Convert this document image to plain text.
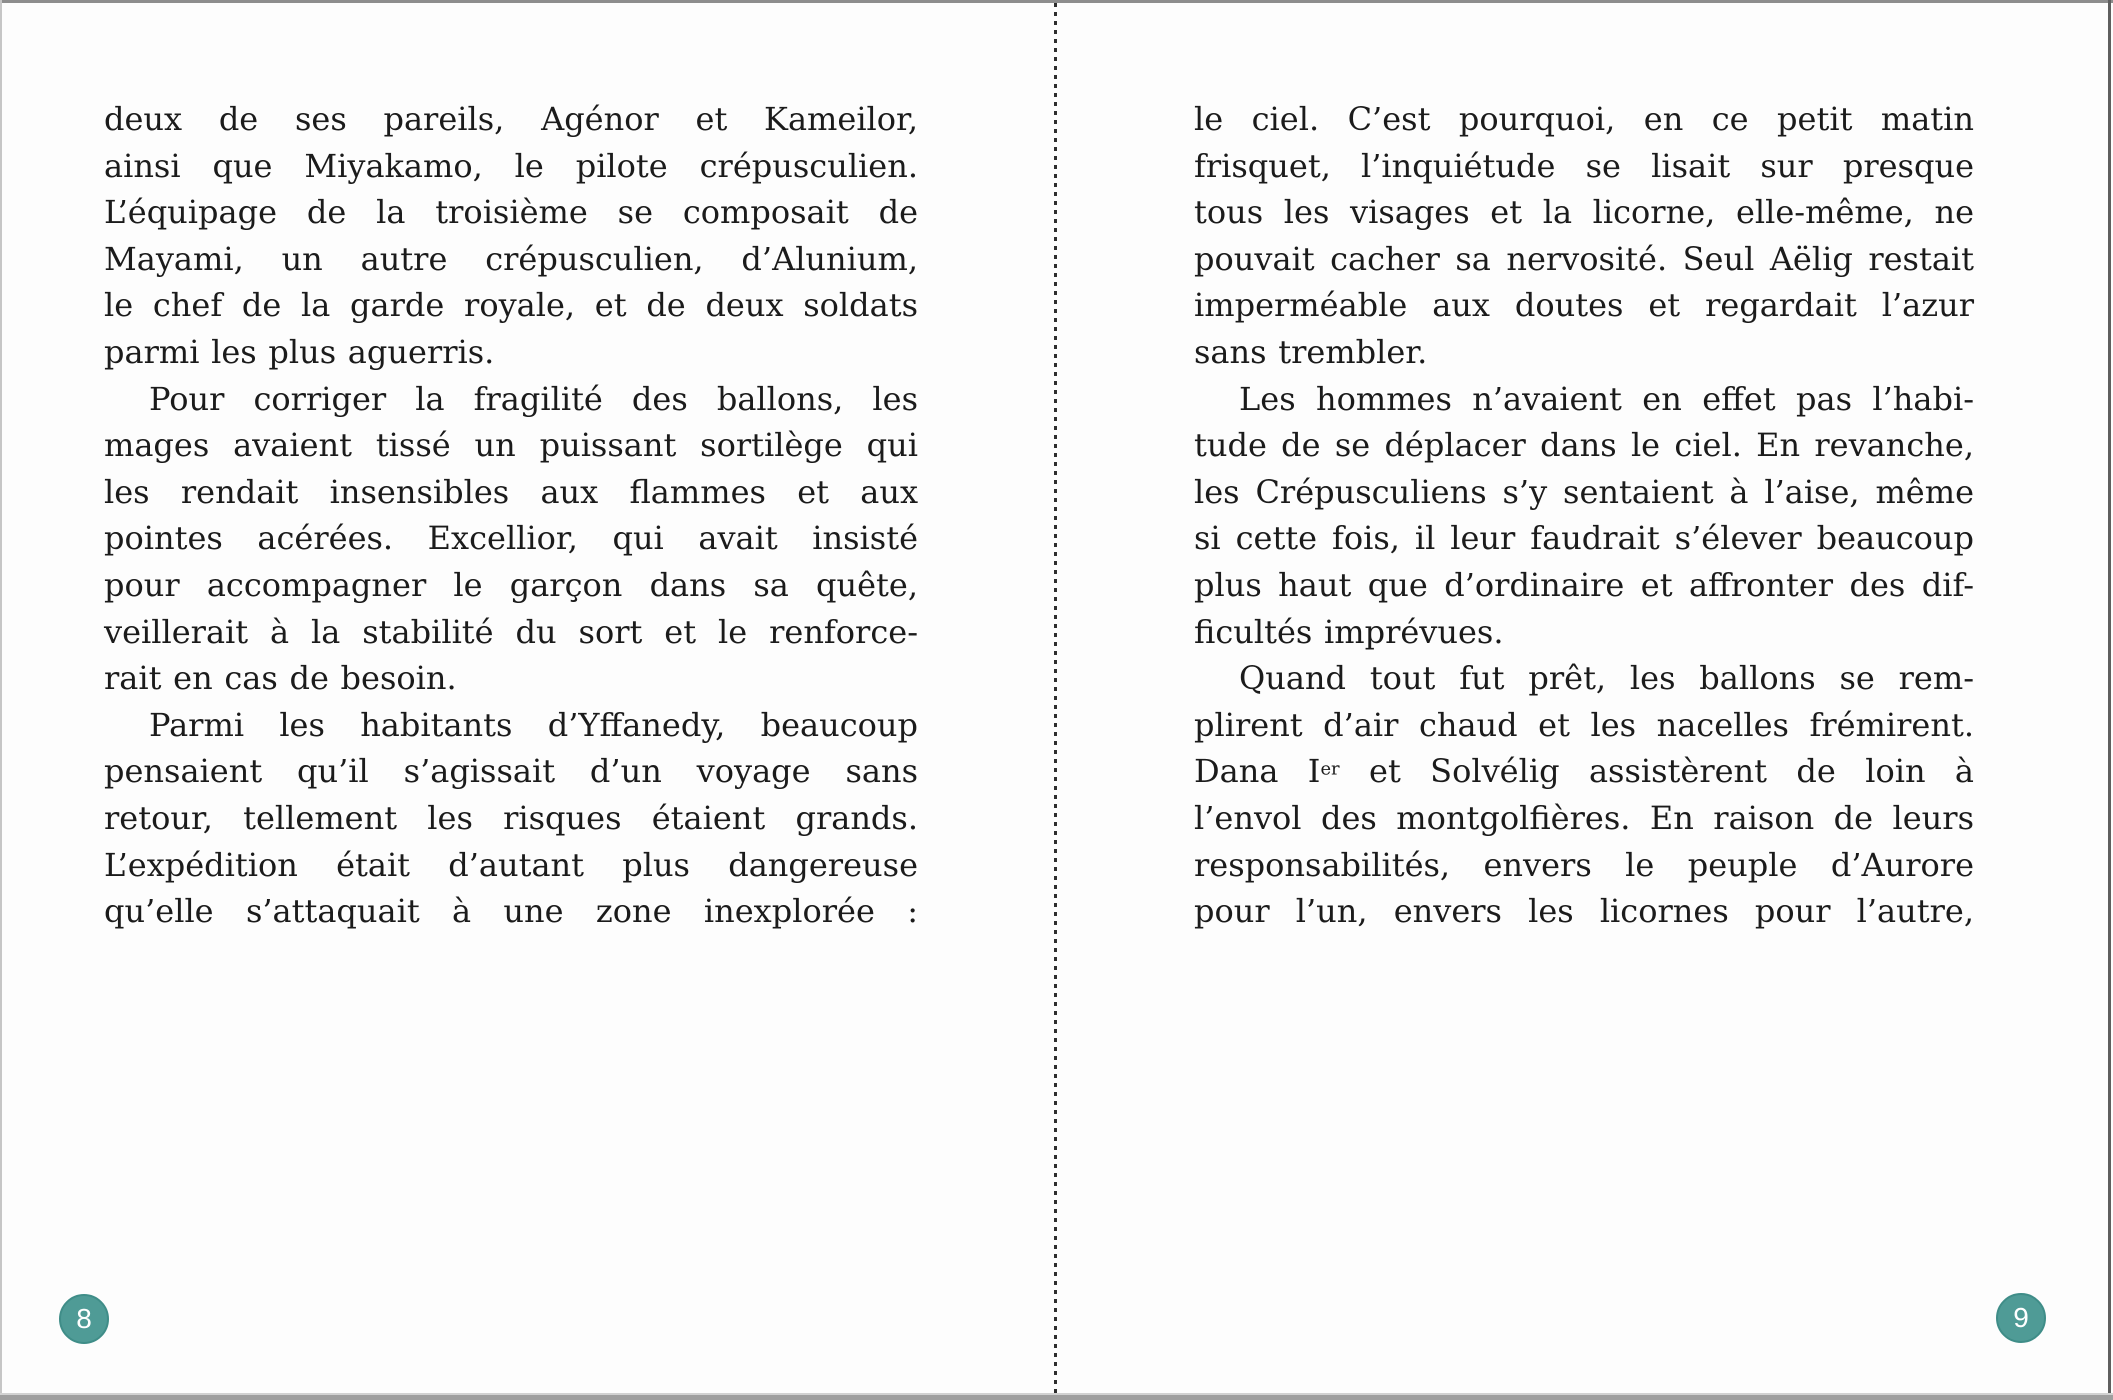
deux de ses pareils, Agénor et Kameilor,
ainsi que Miyakamo, le pilote crépusculien.
L’équipage de la troisième se composait de
Mayami, un autre crépusculien, d’Alunium,
le chef de la garde royale, et de deux soldats
parmi les plus aguerris.
Pour corriger la fragilité des ballons, les
mages avaient tissé un puissant sortilège qui
les rendait insensibles aux flammes et aux
pointes acérées. Excellior, qui avait insisté
pour accompagner le garçon dans sa quête,
veillerait à la stabilité du sort et le renforce-
rait en cas de besoin.
Parmi les habitants d’Yffanedy, beaucoup
pensaient qu’il s’agissait d’un voyage sans
retour, tellement les risques étaient grands.
L’expédition était d’autant plus dangereuse
qu’elle s’attaquait à une zone inexplorée :
8
le ciel. C’est pourquoi, en ce petit matin
frisquet, l’inquiétude se lisait sur presque
tous les visages et la licorne, elle-même, ne
pouvait cacher sa nervosité. Seul Aëlig restait
imperméable aux doutes et regardait l’azur
sans trembler.
Les hommes n’avaient en effet pas l’habi-
tude de se déplacer dans le ciel. En revanche,
les Crépusculiens s’y sentaient à l’aise, même
si cette fois, il leur faudrait s’élever beaucoup
plus haut que d’ordinaire et affronter des dif-
ficultés imprévues.
Quand tout fut prêt, les ballons se rem-
plirent d’air chaud et les nacelles frémirent.
Dana Ier et Solvélig assistèrent de loin à
l’envol des montgolfières. En raison de leurs
responsabilités, envers le peuple d’Aurore
pour l’un, envers les licornes pour l’autre,
9
